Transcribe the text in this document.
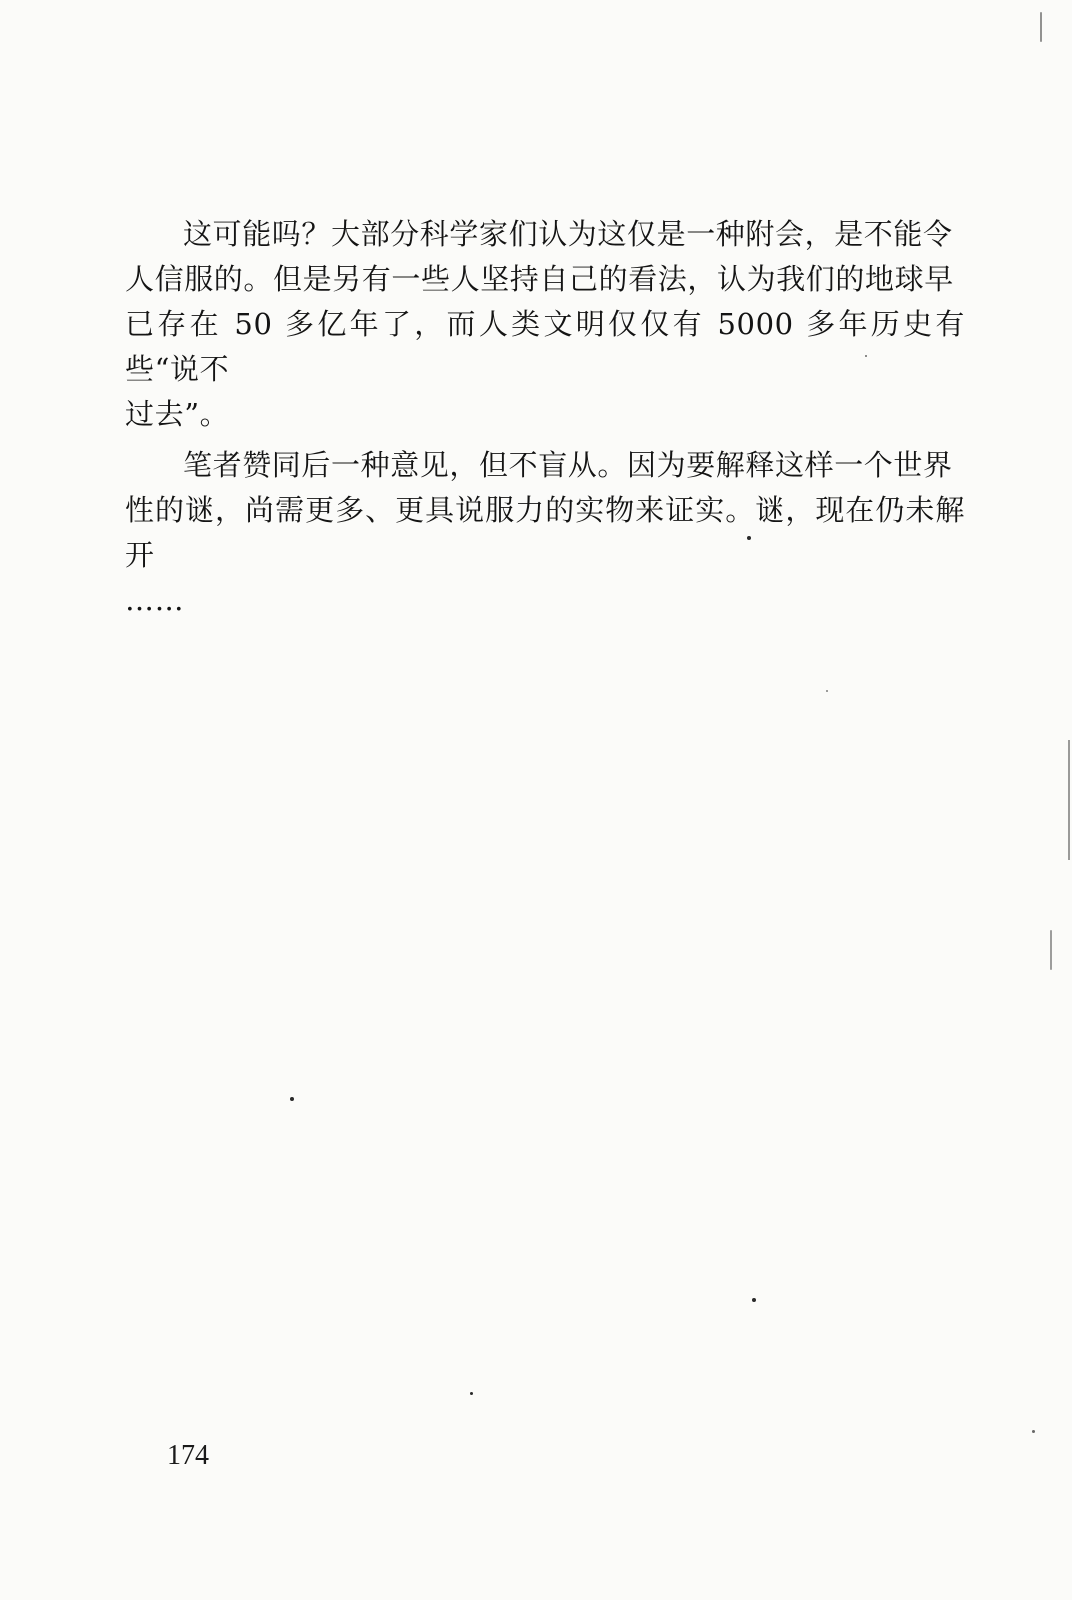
这可能吗？大部分科学家们认为这仅是一种附会，是不能令
人信服的。但是另有一些人坚持自己的看法，认为我们的地球早
已存在 50 多亿年了，而人类文明仅仅有 5000 多年历史有些“说不
过去”。

笔者赞同后一种意见，但不盲从。因为要解释这样一个世界
性的谜，尚需更多、更具说服力的实物来证实。谜，现在仍未解开
……

174
